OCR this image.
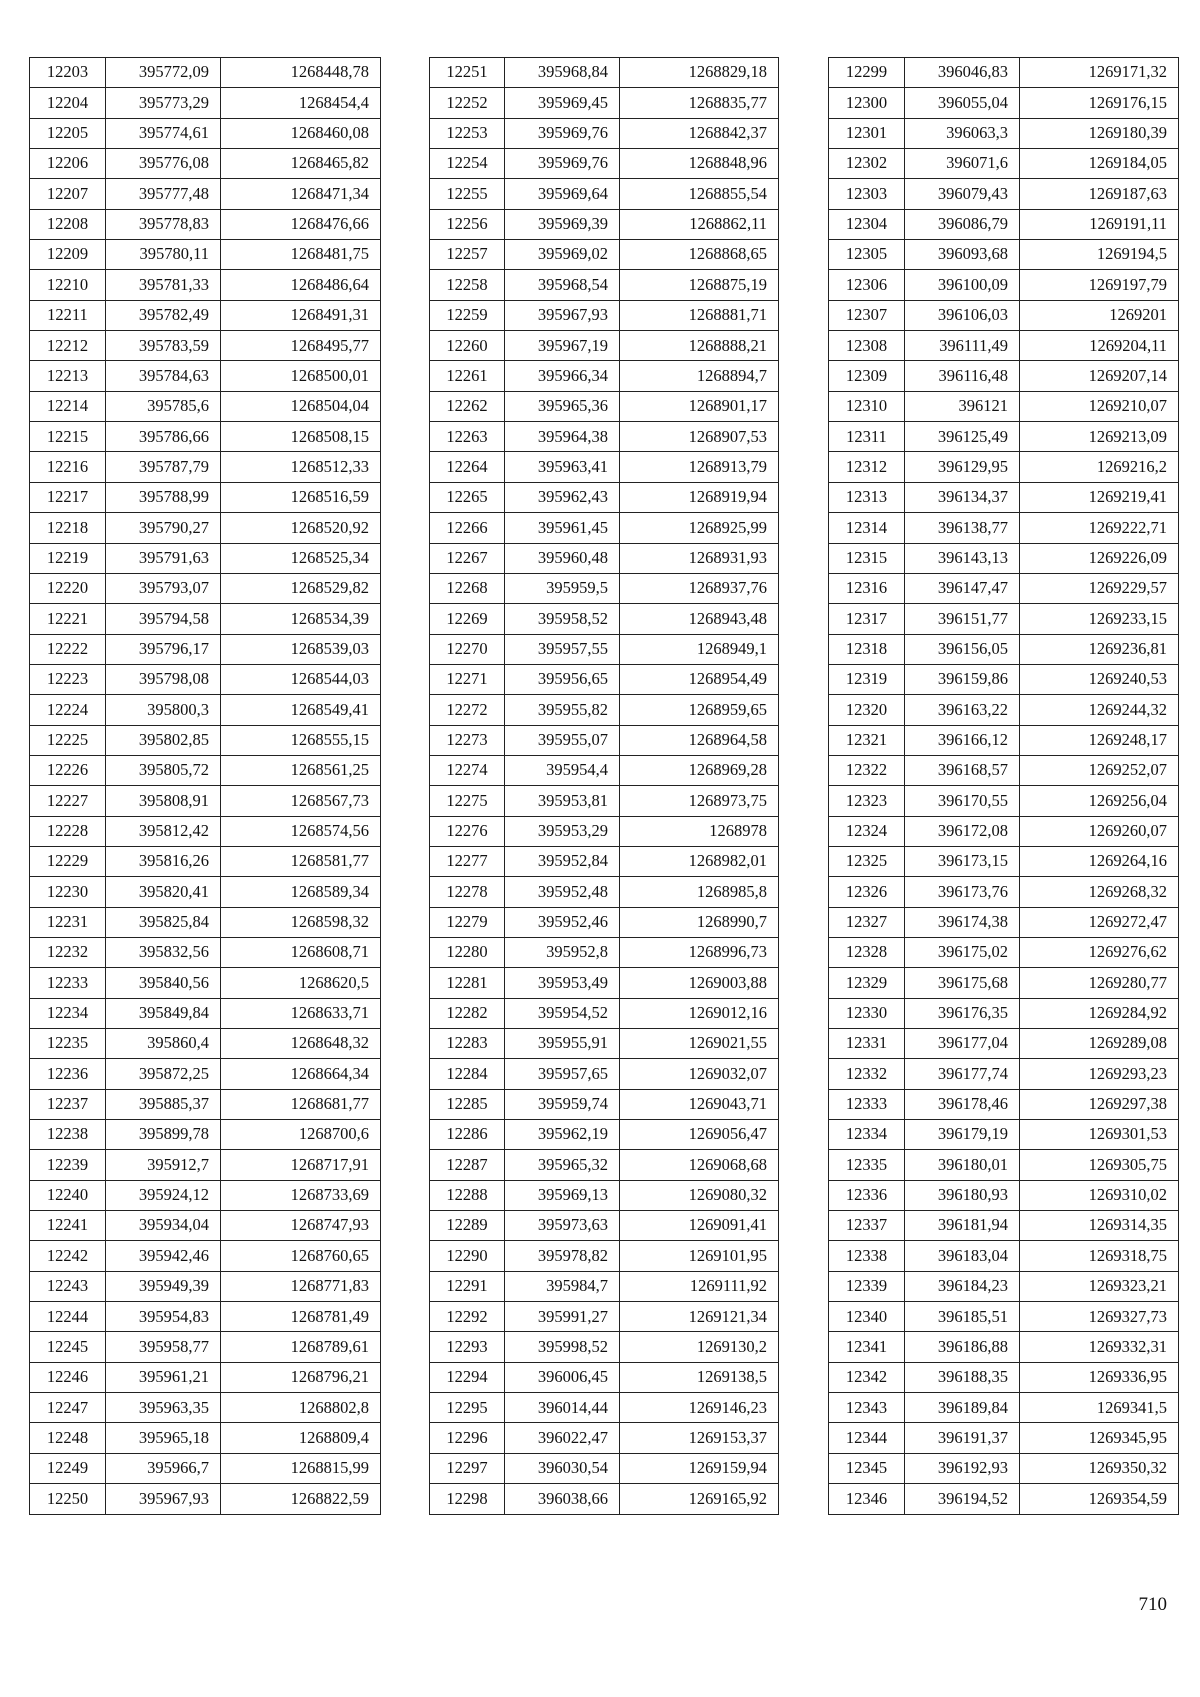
12203	395772,09	1268448,78
12204	395773,29	1268454,4
12205	395774,61	1268460,08
12206	395776,08	1268465,82
12207	395777,48	1268471,34
12208	395778,83	1268476,66
12209	395780,11	1268481,75
12210	395781,33	1268486,64
12211	395782,49	1268491,31
12212	395783,59	1268495,77
12213	395784,63	1268500,01
12214	395785,6	1268504,04
12215	395786,66	1268508,15
12216	395787,79	1268512,33
12217	395788,99	1268516,59
12218	395790,27	1268520,92
12219	395791,63	1268525,34
12220	395793,07	1268529,82
12221	395794,58	1268534,39
12222	395796,17	1268539,03
12223	395798,08	1268544,03
12224	395800,3	1268549,41
12225	395802,85	1268555,15
12226	395805,72	1268561,25
12227	395808,91	1268567,73
12228	395812,42	1268574,56
12229	395816,26	1268581,77
12230	395820,41	1268589,34
12231	395825,84	1268598,32
12232	395832,56	1268608,71
12233	395840,56	1268620,5
12234	395849,84	1268633,71
12235	395860,4	1268648,32
12236	395872,25	1268664,34
12237	395885,37	1268681,77
12238	395899,78	1268700,6
12239	395912,7	1268717,91
12240	395924,12	1268733,69
12241	395934,04	1268747,93
12242	395942,46	1268760,65
12243	395949,39	1268771,83
12244	395954,83	1268781,49
12245	395958,77	1268789,61
12246	395961,21	1268796,21
12247	395963,35	1268802,8
12248	395965,18	1268809,4
12249	395966,7	1268815,99
12250	395967,93	1268822,59
12251	395968,84	1268829,18
12252	395969,45	1268835,77
12253	395969,76	1268842,37
12254	395969,76	1268848,96
12255	395969,64	1268855,54
12256	395969,39	1268862,11
12257	395969,02	1268868,65
12258	395968,54	1268875,19
12259	395967,93	1268881,71
12260	395967,19	1268888,21
12261	395966,34	1268894,7
12262	395965,36	1268901,17
12263	395964,38	1268907,53
12264	395963,41	1268913,79
12265	395962,43	1268919,94
12266	395961,45	1268925,99
12267	395960,48	1268931,93
12268	395959,5	1268937,76
12269	395958,52	1268943,48
12270	395957,55	1268949,1
12271	395956,65	1268954,49
12272	395955,82	1268959,65
12273	395955,07	1268964,58
12274	395954,4	1268969,28
12275	395953,81	1268973,75
12276	395953,29	1268978
12277	395952,84	1268982,01
12278	395952,48	1268985,8
12279	395952,46	1268990,7
12280	395952,8	1268996,73
12281	395953,49	1269003,88
12282	395954,52	1269012,16
12283	395955,91	1269021,55
12284	395957,65	1269032,07
12285	395959,74	1269043,71
12286	395962,19	1269056,47
12287	395965,32	1269068,68
12288	395969,13	1269080,32
12289	395973,63	1269091,41
12290	395978,82	1269101,95
12291	395984,7	1269111,92
12292	395991,27	1269121,34
12293	395998,52	1269130,2
12294	396006,45	1269138,5
12295	396014,44	1269146,23
12296	396022,47	1269153,37
12297	396030,54	1269159,94
12298	396038,66	1269165,92
12299	396046,83	1269171,32
12300	396055,04	1269176,15
12301	396063,3	1269180,39
12302	396071,6	1269184,05
12303	396079,43	1269187,63
12304	396086,79	1269191,11
12305	396093,68	1269194,5
12306	396100,09	1269197,79
12307	396106,03	1269201
12308	396111,49	1269204,11
12309	396116,48	1269207,14
12310	396121	1269210,07
12311	396125,49	1269213,09
12312	396129,95	1269216,2
12313	396134,37	1269219,41
12314	396138,77	1269222,71
12315	396143,13	1269226,09
12316	396147,47	1269229,57
12317	396151,77	1269233,15
12318	396156,05	1269236,81
12319	396159,86	1269240,53
12320	396163,22	1269244,32
12321	396166,12	1269248,17
12322	396168,57	1269252,07
12323	396170,55	1269256,04
12324	396172,08	1269260,07
12325	396173,15	1269264,16
12326	396173,76	1269268,32
12327	396174,38	1269272,47
12328	396175,02	1269276,62
12329	396175,68	1269280,77
12330	396176,35	1269284,92
12331	396177,04	1269289,08
12332	396177,74	1269293,23
12333	396178,46	1269297,38
12334	396179,19	1269301,53
12335	396180,01	1269305,75
12336	396180,93	1269310,02
12337	396181,94	1269314,35
12338	396183,04	1269318,75
12339	396184,23	1269323,21
12340	396185,51	1269327,73
12341	396186,88	1269332,31
12342	396188,35	1269336,95
12343	396189,84	1269341,5
12344	396191,37	1269345,95
12345	396192,93	1269350,32
12346	396194,52	1269354,59
710
